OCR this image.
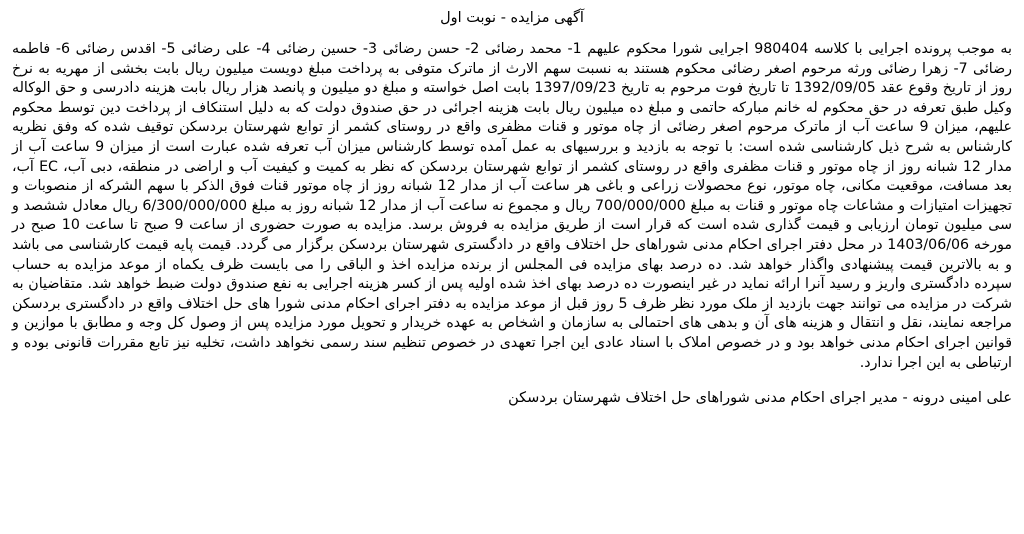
آگهی مزایده - نوبت اول

به موجب پرونده اجرایی با کلاسه 980404 اجرایی شورا محکوم علیهم 1- محمد رضائی 2- حسن رضائی 3- حسین رضائی 4- علی رضائی 5- اقدس رضائی 6- فاطمه رضائی 7- زهرا رضائی ورثه مرحوم اصغر رضائی محکوم هستند به نسبت سهم الارث از ماترک متوفی به پرداخت مبلغ دویست میلیون ریال بابت بخشی از مهریه به نرخ روز از تاریخ وقوع عقد 1392/09/05 تا تاریخ فوت مرحوم به تاریخ 1397/09/23 بابت اصل خواسته و مبلغ دو میلیون و پانصد هزار ریال بابت هزینه دادرسی و حق الوکاله وکیل طبق تعرفه در حق محکوم له خانم مبارکه حاتمی و مبلغ ده میلیون ریال بابت هزینه اجرائی در حق صندوق دولت که به دلیل استنکاف از پرداخت دین توسط محکوم علیهم، میزان 9 ساعت آب از ماترک مرحوم اصغر رضائی از چاه موتور و قنات مظفری واقع در روستای کشمر از توابع شهرستان بردسکن توقیف شده که وفق نظریه کارشناس به شرح ذیل کارشناسی شده است: با توجه به بازدید و بررسیهای به عمل آمده توسط کارشناس میزان آب تعرفه شده عبارت است از میزان 9 ساعت آب از مدار 12 شبانه روز از چاه موتور و قنات مظفری واقع در روستای کشمر از توابع شهرستان بردسکن که نظر به کمیت و کیفیت آب و اراضی در منطقه، دبی آب، EC آب، بعد مسافت، موقعیت مکانی، چاه موتور، نوع محصولات زراعی و باغی هر ساعت آب از مدار 12 شبانه روز از چاه موتور قنات فوق الذکر با سهم الشرکه از منصوبات و تجهیزات امتیازات و مشاعات چاه موتور و قنات به مبلغ 700/000/000 ریال و مجموع نه ساعت آب از مدار 12 شبانه روز به مبلغ 6/300/000/000 ریال معادل ششصد و سی میلیون تومان ارزیابی و قیمت گذاری شده است که قرار است از طریق مزایده به فروش برسد. مزایده به صورت حضوری از ساعت 9 صبح تا ساعت 10 صبح در مورخه 1403/06/06 در محل دفتر اجرای احکام مدنی شوراهای حل اختلاف واقع در دادگستری شهرستان بردسکن برگزار می گردد. قیمت پایه قیمت کارشناسی می باشد و به بالاترین قیمت پیشنهادی واگذار خواهد شد. ده درصد بهای مزایده فی المجلس از برنده مزایده اخذ و الباقی را می بایست ظرف یکماه از موعد مزایده به حساب سپرده دادگستری واریز و رسید آنرا ارائه نماید در غیر اینصورت ده درصد بهای اخذ شده اولیه پس از کسر هزینه اجرایی به نفع صندوق دولت ضبط خواهد شد. متقاضیان به شرکت در مزایده می توانند جهت بازدید از ملک مورد نظر ظرف 5 روز قبل از موعد مزایده به دفتر اجرای احکام مدنی شورا های حل اختلاف واقع در دادگستری بردسکن مراجعه نمایند، نقل و انتقال و هزینه های آن و بدهی های احتمالی به سازمان و اشخاص به عهده خریدار و تحویل مورد مزایده پس از وصول کل وجه و مطابق با موازین و قوانین اجرای احکام مدنی خواهد بود و در خصوص املاک با اسناد عادی این اجرا تعهدی در خصوص تنظیم سند رسمی نخواهد داشت، تخلیه نیز تابع مقررات قانونی بوده و ارتباطی به این اجرا ندارد.

علی امینی درونه - مدیر اجرای احکام مدنی شوراهای حل اختلاف شهرستان بردسکن
